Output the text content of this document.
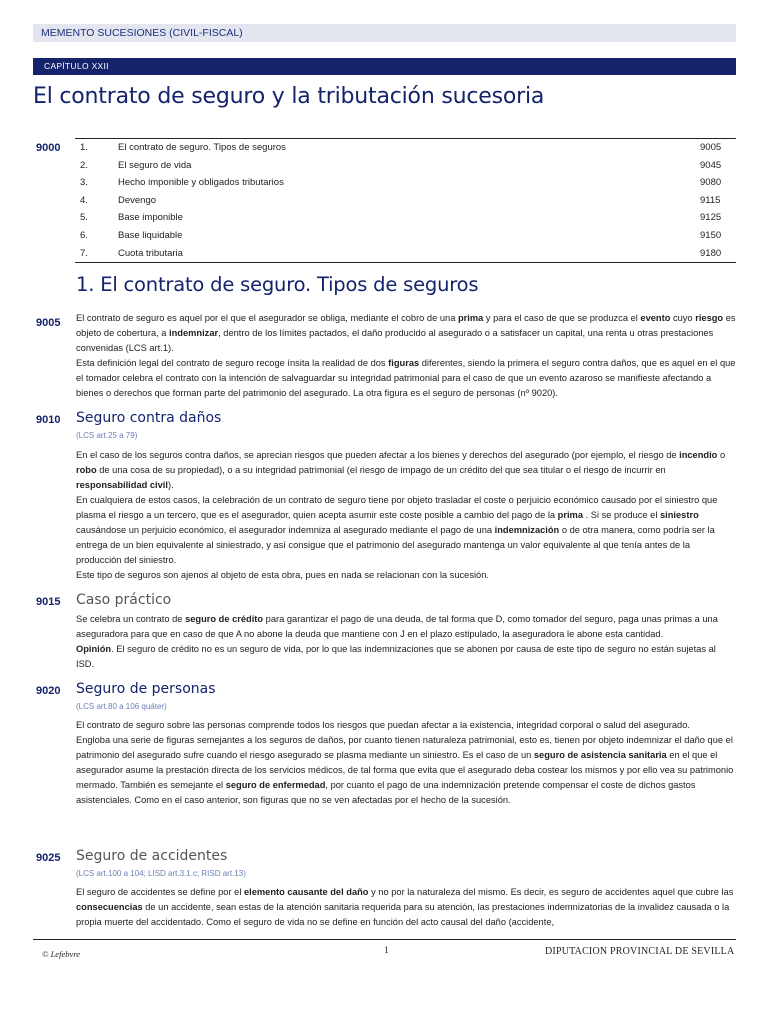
MEMENTO SUCESIONES (CIVIL-FISCAL)
CAPÍTULO XXII
El contrato de seguro y la tributación sucesoria
9000	1.	El contrato de seguro. Tipos de seguros	9005
2.	El seguro de vida	9045
3.	Hecho imponible y obligados tributarios	9080
4.	Devengo	9115
5.	Base imponible	9125
6.	Base liquidable	9150
7.	Cuota tributaria	9180
1. El contrato de seguro. Tipos de seguros
9005 El contrato de seguro es aquel por el que el asegurador se obliga, mediante el cobro de una prima y para el caso de que se produzca el evento cuyo riesgo es objeto de cobertura, a indemnizar, dentro de los límites pactados, el daño producido al asegurado o a satisfacer un capital, una renta u otras prestaciones convenidas (LCS art.1).

Esta definición legal del contrato de seguro recoge ínsita la realidad de dos figuras diferentes, siendo la primera el seguro contra daños, que es aquel en el que el tomador celebra el contrato con la intención de salvaguardar su integridad patrimonial para el caso de que un evento azaroso se manifieste afectando a bienes o derechos que forman parte del patrimonio del asegurado. La otra figura es el seguro de personas (nº 9020).

9010 Seguro contra daños
(LCS art.25 a 79)

En el caso de los seguros contra daños, se aprecian riesgos que pueden afectar a los bienes y derechos del asegurado (por ejemplo, el riesgo de incendio o robo de una cosa de su propiedad), o a su integridad patrimonial (el riesgo de impago de un crédito del que sea titular o el riesgo de incurrir en responsabilidad civil).

En cualquiera de estos casos, la celebración de un contrato de seguro tiene por objeto trasladar el coste o perjuicio económico causado por el siniestro que plasma el riesgo a un tercero, que es el asegurador, quien acepta asumir este coste posible a cambio del pago de la prima . Si se produce el siniestro causándose un perjuicio económico, el asegurador indemniza al asegurado mediante el pago de una indemnización o de otra manera, como podría ser la entrega de un bien equivalente al siniestrado, y así consigue que el patrimonio del asegurado mantenga un valor equivalente al que tenía antes de la producción del siniestro.

Este tipo de seguros son ajenos al objeto de esta obra, pues en nada se relacionan con la sucesión.

9015 Caso práctico

Se celebra un contrato de seguro de crédito para garantizar el pago de una deuda, de tal forma que D, como tomador del seguro, paga unas primas a una aseguradora para que en caso de que A no abone la deuda que mantiene con J en el plazo estipulado, la aseguradora le abone esta cantidad.

Opinión. El seguro de crédito no es un seguro de vida, por lo que las indemnizaciones que se abonen por causa de este tipo de seguro no están sujetas al ISD.

9020 Seguro de personas
(LCS art.80 a 106 quáter)

El contrato de seguro sobre las personas comprende todos los riesgos que puedan afectar a la existencia, integridad corporal o salud del asegurado.

Engloba una serie de figuras semejantes a los seguros de daños, por cuanto tienen naturaleza patrimonial, esto es, tienen por objeto indemnizar el daño que el patrimonio del asegurado sufre cuando el riesgo asegurado se plasma mediante un siniestro. Es el caso de un seguro de asistencia sanitaria en el que el asegurador asume la prestación directa de los servicios médicos, de tal forma que evita que el asegurado deba costear los mismos y por ello vea su patrimonio mermado. También es semejante el seguro de enfermedad, por cuanto el pago de una indemnización pretende compensar el coste de dichos gastos asistenciales. Como en el caso anterior, son figuras que no se ven afectadas por el hecho de la sucesión.

9025 Seguro de accidentes
(LCS art.100 a 104; LISD art.3.1.c; RISD art.13)

El seguro de accidentes se define por el elemento causante del daño y no por la naturaleza del mismo. Es decir, es seguro de accidentes aquel que cubre las consecuencias de un accidente, sean estas de la atención sanitaria requerida para su atención, las prestaciones indemnizatorias de la invalidez causada o la propia muerte del accidentado. Como el seguro de vida no se define en función del acto causal del daño (accidente,

© Lefebvre	1	DIPUTACION PROVINCIAL DE SEVILLA
